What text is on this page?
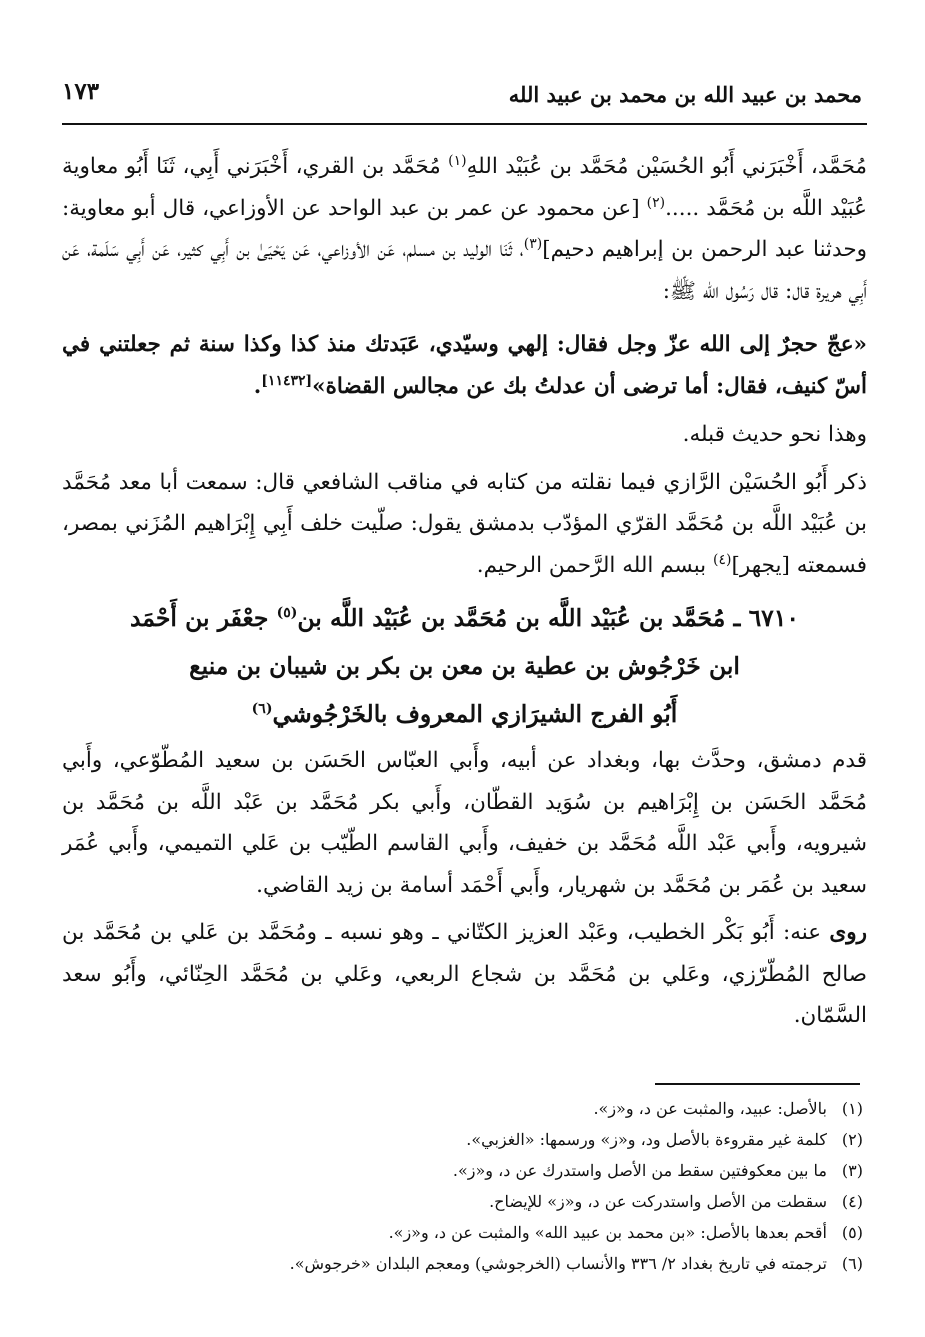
محمد بن عبيد الله بن محمد بن عبيد الله
١٧٣

مُحَمَّد، أَخْبَرَني أَبُو الحُسَيْن مُحَمَّد بن عُبَيْد اللهِ$^{(١)}$ مُحَمَّد بن القري، أَخْبَرَني أَبِي، ثَنَا أَبُو معاوية عُبَيْد اللَّه بن مُحَمَّد .....$^{(٢)}$ [عن محمود عن عمر بن عبد الواحد عن الأوزاعي، قال أبو معاوية: وحدثنا عبد الرحمن بن إبراهيم دحيم]$^{(٣)}$، ثَنَا الوليد بن مسلم، عَن الأوزاعي، عَن يَحْيَىٰ بن أَبِي كثير، عَن أَبِي سَلَمة، عَن أَبِي هريرة قال: قال رَسُول الله ﷺ:

«عجّ حجرٌ إلى الله عزّ وجل فقال: إلهي وسيّدي، عَبَدتك منذ كذا وكذا سنة ثم جعلتني في أسّ كنيف، فقال: أما ترضى أن عدلتُ بك عن مجالس القضاة»[١١٤٣٢].

وهذا نحو حديث قبله.

ذكر أَبُو الحُسَيْن الرَّازي فيما نقلته من كتابه في مناقب الشافعي قال: سمعت أبا معد مُحَمَّد بن عُبَيْد اللَّه بن مُحَمَّد القرّي المؤدّب بدمشق يقول: صلّيت خلف أَبِي إِبْرَاهيم المُزَني بمصر، فسمعته [يجهر]$^{(٤)}$ ببسم الله الرَّحمن الرحيم.

٦٧١٠ ـ مُحَمَّد بن عُبَيْد اللَّه بن مُحَمَّد بن عُبَيْد اللَّه بن$^{(٥)}$ جعْفَر بن أَحْمَد
ابن خَرْجُوش بن عطية بن معن بن بكر بن شيبان بن منيع
أَبُو الفرج الشيرَازي المعروف بالخَرْجُوشي$^{(٦)}$

قدم دمشق، وحدَّث بها، وبغداد عن أبيه، وأَبي العبّاس الحَسَن بن سعيد المُطّوّعي، وأَبي مُحَمَّد الحَسَن بن إِبْرَاهيم بن سُوَيد القطّان، وأَبي بكر مُحَمَّد بن عَبْد اللَّه بن مُحَمَّد بن شيرويه، وأَبي عَبْد اللَّه مُحَمَّد بن خفيف، وأَبي القاسم الطّيّب بن عَلي التميمي، وأَبي عُمَر سعيد بن عُمَر بن مُحَمَّد بن شهريار، وأَبي أَحْمَد أسامة بن زيد القاضي.

روى عنه: أَبُو بَكْر الخطيب، وعَبْد العزيز الكتّاني ـ وهو نسبه ـ ومُحَمَّد بن عَلي بن مُحَمَّد بن صالح المُطّرّزي، وعَلي بن مُحَمَّد بن شجاع الربعي، وعَلي بن مُحَمَّد الحِنّائي، وأَبُو سعد السَّمّان.

(١)
بالأصل: عبيد، والمثبت عن د، و«ز».
(٢)
كلمة غير مقروءة بالأصل ود، و«ز» ورسمها: «الغزبي».
(٣)
ما بين معكوفتين سقط من الأصل واستدرك عن د، و«ز».
(٤)
سقطت من الأصل واستدركت عن د، و«ز» للإيضاح.
(٥)
أقحم بعدها بالأصل: «بن محمد بن عبيد الله» والمثبت عن د، و«ز».
(٦)
ترجمته في تاريخ بغداد ٢/ ٣٣٦ والأنساب (الخرجوشي) ومعجم البلدان «خرجوش».
